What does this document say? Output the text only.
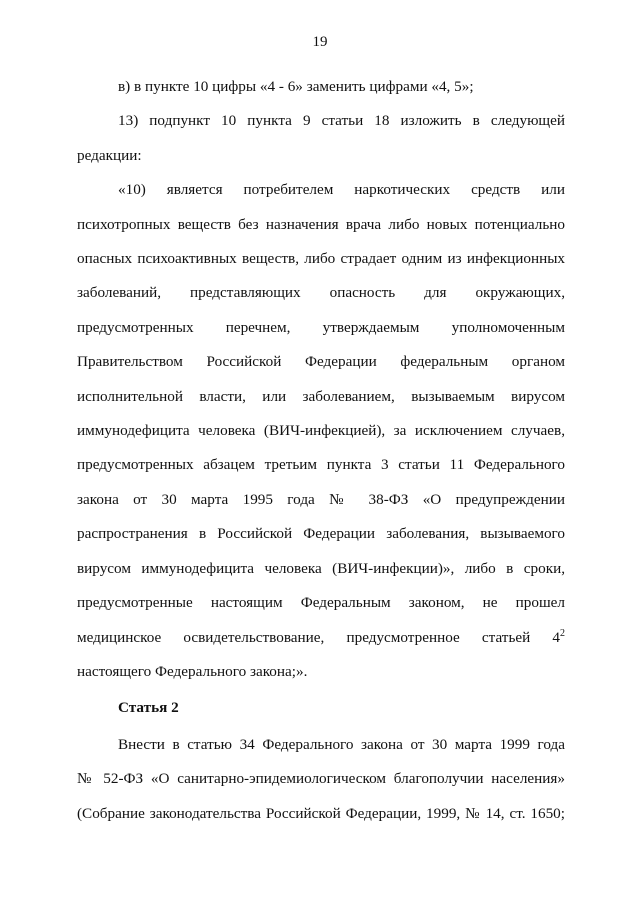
19

в) в пункте 10 цифры «4 - 6» заменить цифрами «4, 5»;

13) подпункт 10 пункта 9 статьи 18 изложить в следующей редакции:

«10) является потребителем наркотических средств или
психотропных веществ без назначения врача либо новых потенциально
опасных психоактивных веществ, либо страдает одним из инфекционных
заболеваний, представляющих опасность для окружающих,
предусмотренных перечнем, утверждаемым уполномоченным
Правительством Российской Федерации федеральным органом
исполнительной власти, или заболеванием, вызываемым вирусом
иммунодефицита человека (ВИЧ-инфекцией), за исключением случаев,
предусмотренных абзацем третьим пункта 3 статьи 11 Федерального
закона от 30 марта 1995 года № 38-ФЗ «О предупреждении
распространения в Российской Федерации заболевания, вызываемого
вирусом иммунодефицита человека (ВИЧ-инфекции)», либо в сроки,
предусмотренные настоящим Федеральным законом, не прошел
медицинское освидетельствование, предусмотренное статьей $4^2$
настоящего Федерального закона;».

Статья 2

Внести в статью 34 Федерального закона от 30 марта 1999 года
№ 52-ФЗ «О санитарно-эпидемиологическом благополучии населения»
(Собрание законодательства Российской Федерации, 1999, № 14, ст. 1650;
